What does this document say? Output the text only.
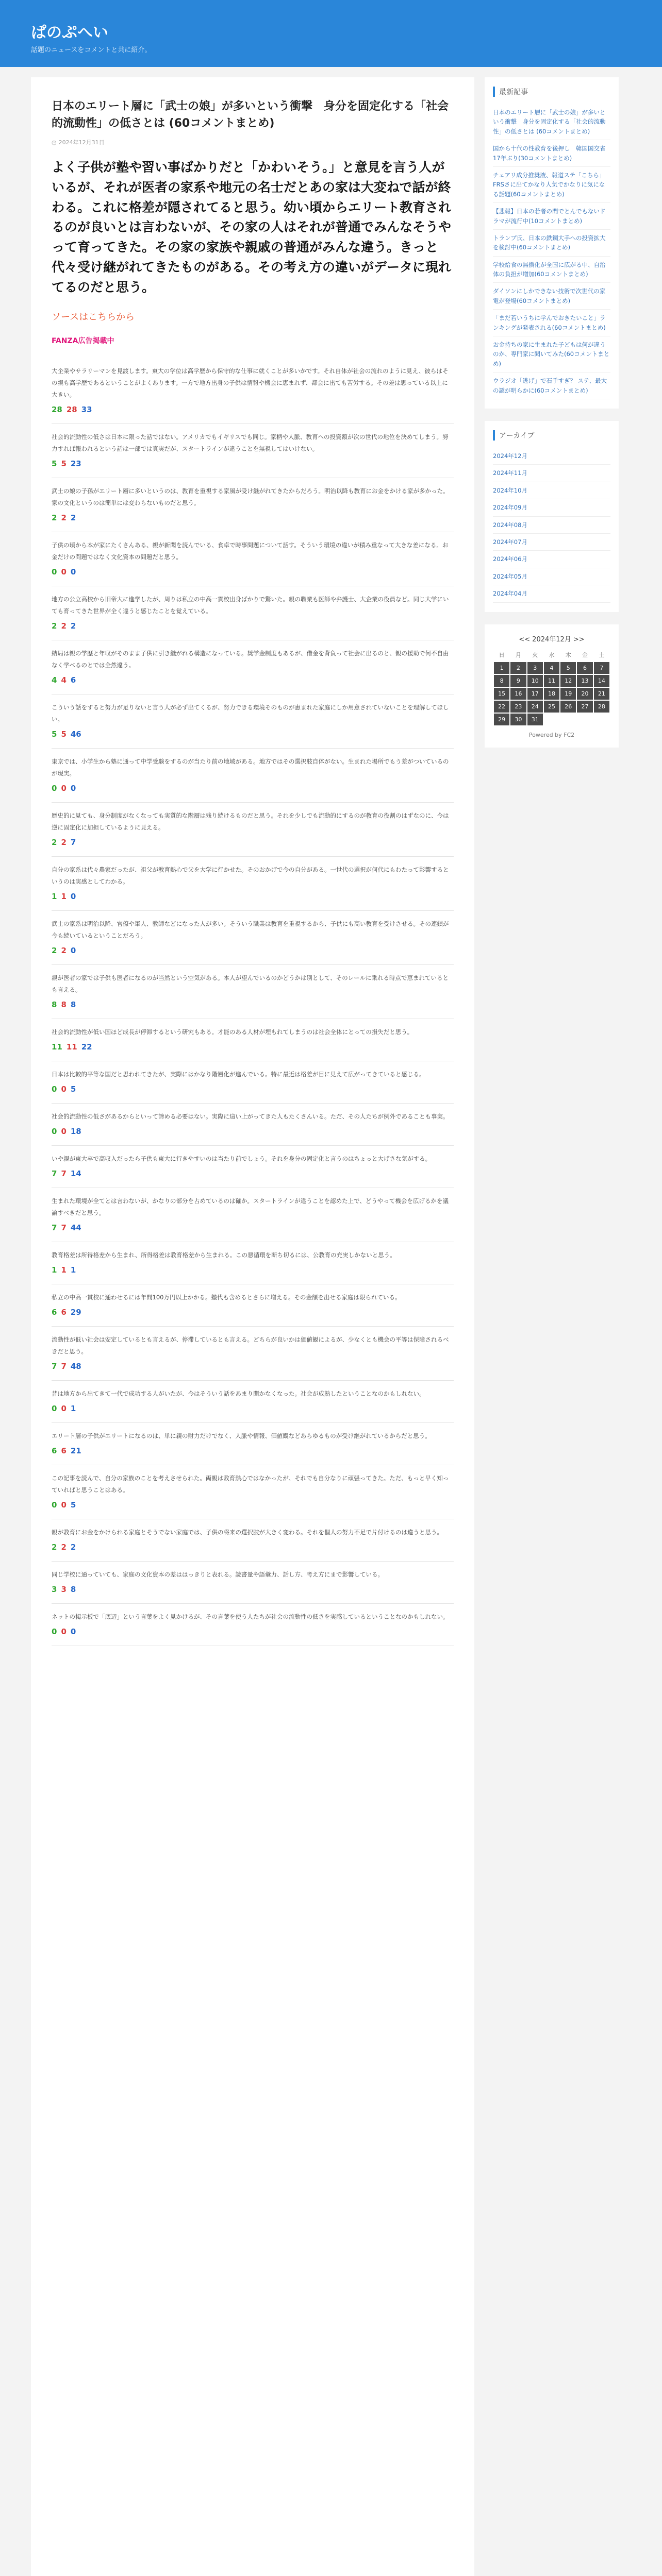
ぱのぷへい
話題のニュースをコメントと共に紹介。
日本のエリート層に「武士の娘」が多いという衝撃　身分を固定化する「社会的流動性」の低さとは (60コメントまとめ)
◷ 2024年12月31日

よく子供が塾や習い事ばかりだと「かわいそう。」と意見を言う人がいるが、それが医者の家系や地元の名士だとあの家は大変ねで話が終わる。これに格差が隠されてると思う。幼い頃からエリート教育されるのが良いとは言わないが、その家の人はそれが普通でみんなそうやって育ってきた。その家の家族や親戚の普通がみんな違う。きっと代々受け継がれてきたものがある。その考え方の違いがデータに現れてるのだと思う。

ソースはこちらから
FANZA広告掲載中

大企業やサラリーマンを見渡します。東大の学位は高学歴から保守的な仕事に就くことが多いかです。それ自体が社会の流れのように見え、彼らはその親も高学歴であるということがよくあります。一方で地方出身の子供は情報や機会に恵まれず、都会に出ても苦労する。その差は思っている以上に大きい。

28 28 33

社会的流動性の低さは日本に限った話ではない。アメリカでもイギリスでも同じ。家柄や人脈、教育への投資額が次の世代の地位を決めてしまう。努力すれば報われるという話は一部では真実だが、スタートラインが違うことを無視してはいけない。

5 5 23

武士の娘の子孫がエリート層に多いというのは、教育を重視する家風が受け継がれてきたからだろう。明治以降も教育にお金をかける家が多かった。家の文化というのは簡単には変わらないものだと思う。

2 2 2

子供の頃から本が家にたくさんある、親が新聞を読んでいる、食卓で時事問題について話す。そういう環境の違いが積み重なって大きな差になる。お金だけの問題ではなく文化資本の問題だと思う。

0 0 0

地方の公立高校から旧帝大に進学したが、周りは私立の中高一貫校出身ばかりで驚いた。親の職業も医師や弁護士、大企業の役員など。同じ大学にいても育ってきた世界が全く違うと感じたことを覚えている。

2 2 2

結局は親の学歴と年収がそのまま子供に引き継がれる構造になっている。奨学金制度もあるが、借金を背負って社会に出るのと、親の援助で何不自由なく学べるのとでは全然違う。

4 4 6

こういう話をすると努力が足りないと言う人が必ず出てくるが、努力できる環境そのものが恵まれた家庭にしか用意されていないことを理解してほしい。

5 5 46

東京では、小学生から塾に通って中学受験をするのが当たり前の地域がある。地方ではその選択肢自体がない。生まれた場所でもう差がついているのが現実。

0 0 0

歴史的に見ても、身分制度がなくなっても実質的な階層は残り続けるものだと思う。それを少しでも流動的にするのが教育の役割のはずなのに、今は逆に固定化に加担しているように見える。

2 2 7

自分の家系は代々農家だったが、祖父が教育熱心で父を大学に行かせた。そのおかげで今の自分がある。一世代の選択が何代にもわたって影響するというのは実感としてわかる。

1 1 0

武士の家系は明治以降、官僚や軍人、教師などになった人が多い。そういう職業は教育を重視するから、子供にも高い教育を受けさせる。その連鎖が今も続いているということだろう。

2 2 0

親が医者の家では子供も医者になるのが当然という空気がある。本人が望んでいるのかどうかは別として、そのレールに乗れる時点で恵まれているとも言える。

8 8 8

社会的流動性が低い国ほど成長が停滞するという研究もある。才能のある人材が埋もれてしまうのは社会全体にとっての損失だと思う。

11 11 22

日本は比較的平等な国だと思われてきたが、実際にはかなり階層化が進んでいる。特に最近は格差が目に見えて広がってきていると感じる。

0 0 5

社会的流動性の低さがあるからといって諦める必要はない。実際に這い上がってきた人もたくさんいる。ただ、その人たちが例外であることも事実。

0 0 18

いや親が東大卒で高収入だったら子供も東大に行きやすいのは当たり前でしょう。それを身分の固定化と言うのはちょっと大げさな気がする。

7 7 14

生まれた環境が全てとは言わないが、かなりの部分を占めているのは確か。スタートラインが違うことを認めた上で、どうやって機会を広げるかを議論すべきだと思う。

7 7 44

教育格差は所得格差から生まれ、所得格差は教育格差から生まれる。この悪循環を断ち切るには、公教育の充実しかないと思う。

1 1 1

私立の中高一貫校に通わせるには年間100万円以上かかる。塾代も含めるとさらに増える。その金額を出せる家庭は限られている。

6 6 29

流動性が低い社会は安定しているとも言えるが、停滞しているとも言える。どちらが良いかは価値観によるが、少なくとも機会の平等は保障されるべきだと思う。

7 7 48

昔は地方から出てきて一代で成功する人がいたが、今はそういう話をあまり聞かなくなった。社会が成熟したということなのかもしれない。

0 0 1

エリート層の子供がエリートになるのは、単に親の財力だけでなく、人脈や情報、価値観などあらゆるものが受け継がれているからだと思う。

6 6 21

この記事を読んで、自分の家族のことを考えさせられた。両親は教育熱心ではなかったが、それでも自分なりに頑張ってきた。ただ、もっと早く知っていればと思うことはある。

0 0 5

親が教育にお金をかけられる家庭とそうでない家庭では、子供の将来の選択肢が大きく変わる。それを個人の努力不足で片付けるのは違うと思う。

2 2 2

同じ学校に通っていても、家庭の文化資本の差ははっきりと表れる。読書量や語彙力、話し方、考え方にまで影響している。

3 3 8

ネットの掲示板で「底辺」という言葉をよく見かけるが、その言葉を使う人たちが社会の流動性の低さを実感しているということなのかもしれない。

0 0 0
最新記事
日本のエリート層に「武士の娘」が多いという衝撃　身分を固定化する「社会的流動性」の低さとは (60コメントまとめ)
国から十代の性教育を後押し　韓国国交省　17年ぶり(30コメントまとめ)
チェアリ成分推奨液、報道ステ「こちら」FRSさに出てかなり人気でかなりに気になる話題(60コメントまとめ)
【悲報】日本の若者の間でとんでもないドラマが流行中(10コメントまとめ)
トランプ氏、日本の鉄鋼大手への投資拡大を検討中(60コメントまとめ)
学校給食の無償化が全国に広がる中、自治体の負担が増加(60コメントまとめ)
ダイソンにしかできない技術で次世代の家電が登場(60コメントまとめ)
「まだ若いうちに学んでおきたいこと」ランキングが発表される(60コメントまとめ)
お金持ちの家に生まれた子どもは何が違うのか、専門家に聞いてみた(60コメントまとめ)
ウラジオ「逃げ」で石手すぎ？ ステ、最大の謎が明らかに(60コメントまとめ)
アーカイブ
2024年12月
2024年11月
2024年10月
2024年09月
2024年08月
2024年07月
2024年06月
2024年05月
2024年04月
<< 2024年12月 >>
日	月	火	水	木	金	土
1	2	3	4	5	6	7
8	9	10	11	12	13	14
15	16	17	18	19	20	21
22	23	24	25	26	27	28
29	30	31				
Powered by FC2
